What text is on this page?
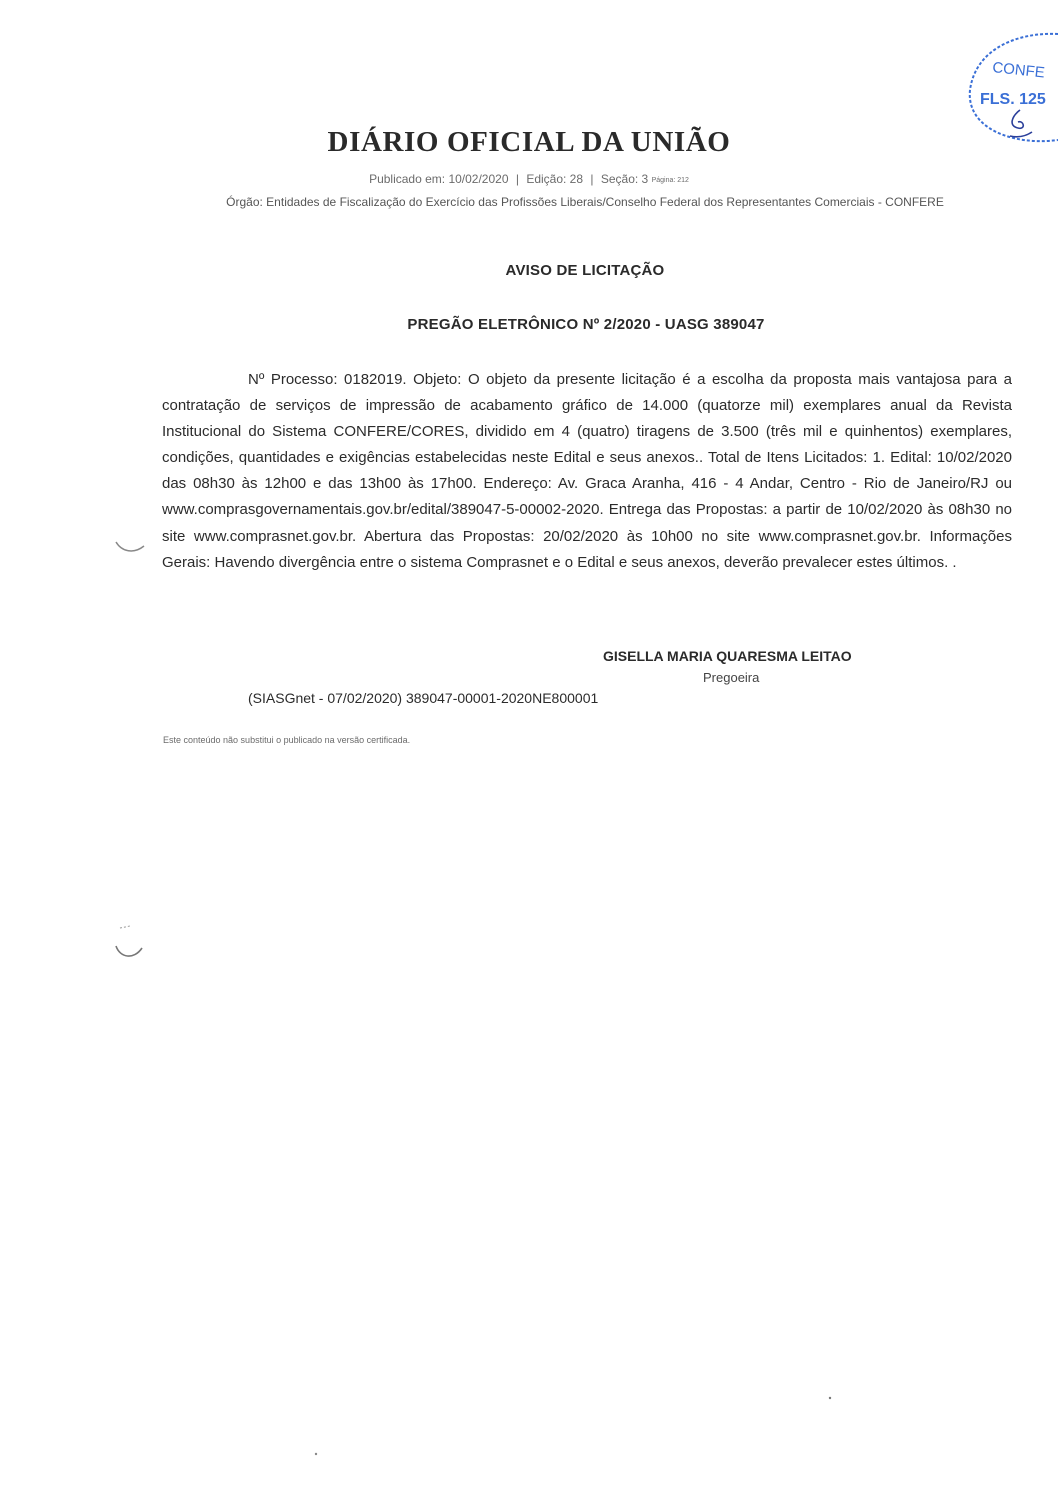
CONFE
FLS. 125
DIÁRIO OFICIAL DA UNIÃO
Publicado em: 10/02/2020 | Edição: 28 | Seção: 3 Página: 212
Órgão: Entidades de Fiscalização do Exercício das Profissões Liberais/Conselho Federal dos Representantes Comerciais - CONFERE
AVISO DE LICITAÇÃO
PREGÃO ELETRÔNICO Nº 2/2020 - UASG 389047
Nº Processo: 0182019. Objeto: O objeto da presente licitação é a escolha da proposta mais vantajosa para a contratação de serviços de impressão de acabamento gráfico de 14.000 (quatorze mil) exemplares anual da Revista Institucional do Sistema CONFERE/CORES, dividido em 4 (quatro) tiragens de 3.500 (três mil e quinhentos) exemplares, condições, quantidades e exigências estabelecidas neste Edital e seus anexos.. Total de Itens Licitados: 1. Edital: 10/02/2020 das 08h30 às 12h00 e das 13h00 às 17h00. Endereço: Av. Graca Aranha, 416 - 4 Andar, Centro - Rio de Janeiro/RJ ou www.comprasgovernamentais.gov.br/edital/389047-5-00002-2020. Entrega das Propostas: a partir de 10/02/2020 às 08h30 no site www.comprasnet.gov.br. Abertura das Propostas: 20/02/2020 às 10h00 no site www.comprasnet.gov.br. Informações Gerais: Havendo divergência entre o sistema Comprasnet e o Edital e seus anexos, deverão prevalecer estes últimos. .
GISELLA MARIA QUARESMA LEITAO
Pregoeira
(SIASGnet - 07/02/2020) 389047-00001-2020NE800001
Este conteúdo não substitui o publicado na versão certificada.
